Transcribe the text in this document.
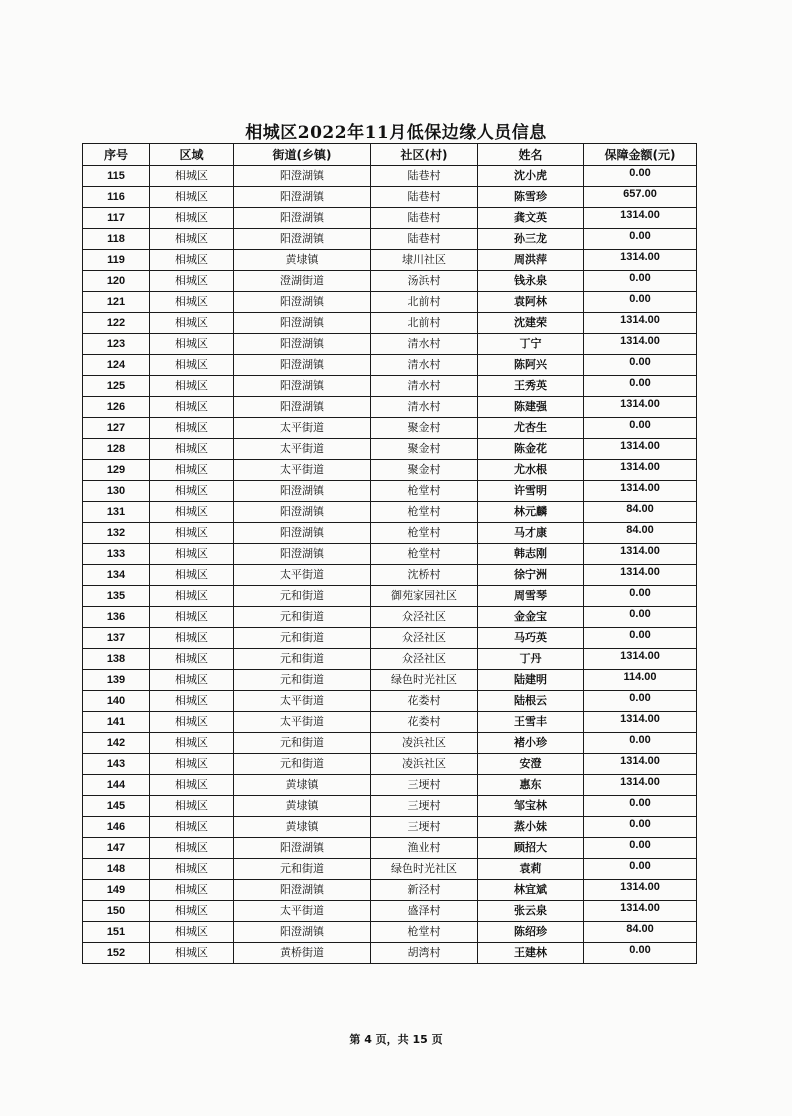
相城区2022年11月低保边缘人员信息
序号	区域	街道(乡镇)	社区(村)	姓名	保障金额(元)
115	相城区	阳澄湖镇	陆巷村	沈小虎	0.00
116	相城区	阳澄湖镇	陆巷村	陈雪珍	657.00
117	相城区	阳澄湖镇	陆巷村	龚文英	1314.00
118	相城区	阳澄湖镇	陆巷村	孙三龙	0.00
119	相城区	黄埭镇	埭川社区	周洪萍	1314.00
120	相城区	澄湖街道	汤浜村	钱永泉	0.00
121	相城区	阳澄湖镇	北前村	袁阿林	0.00
122	相城区	阳澄湖镇	北前村	沈建荣	1314.00
123	相城区	阳澄湖镇	清水村	丁宁	1314.00
124	相城区	阳澄湖镇	清水村	陈阿兴	0.00
125	相城区	阳澄湖镇	清水村	王秀英	0.00
126	相城区	阳澄湖镇	清水村	陈建强	1314.00
127	相城区	太平街道	聚金村	尤杏生	0.00
128	相城区	太平街道	聚金村	陈金花	1314.00
129	相城区	太平街道	聚金村	尤水根	1314.00
130	相城区	阳澄湖镇	枪堂村	许雪明	1314.00
131	相城区	阳澄湖镇	枪堂村	林元麟	84.00
132	相城区	阳澄湖镇	枪堂村	马才康	84.00
133	相城区	阳澄湖镇	枪堂村	韩志刚	1314.00
134	相城区	太平街道	沈桥村	徐宁洲	1314.00
135	相城区	元和街道	御苑家园社区	周雪琴	0.00
136	相城区	元和街道	众泾社区	金金宝	0.00
137	相城区	元和街道	众泾社区	马巧英	0.00
138	相城区	元和街道	众泾社区	丁丹	1314.00
139	相城区	元和街道	绿色时光社区	陆建明	114.00
140	相城区	太平街道	花娄村	陆根云	0.00
141	相城区	太平街道	花娄村	王雪丰	1314.00
142	相城区	元和街道	凌浜社区	褚小珍	0.00
143	相城区	元和街道	凌浜社区	安澄	1314.00
144	相城区	黄埭镇	三埂村	惠东	1314.00
145	相城区	黄埭镇	三埂村	邹宝林	0.00
146	相城区	黄埭镇	三埂村	蒸小妹	0.00
147	相城区	阳澄湖镇	渔业村	顾招大	0.00
148	相城区	元和街道	绿色时光社区	袁莉	0.00
149	相城区	阳澄湖镇	新泾村	林宜斌	1314.00
150	相城区	太平街道	盛泽村	张云泉	1314.00
151	相城区	阳澄湖镇	枪堂村	陈绍珍	84.00
152	相城区	黄桥街道	胡湾村	王建林	0.00
第 4 页，共 15 页
